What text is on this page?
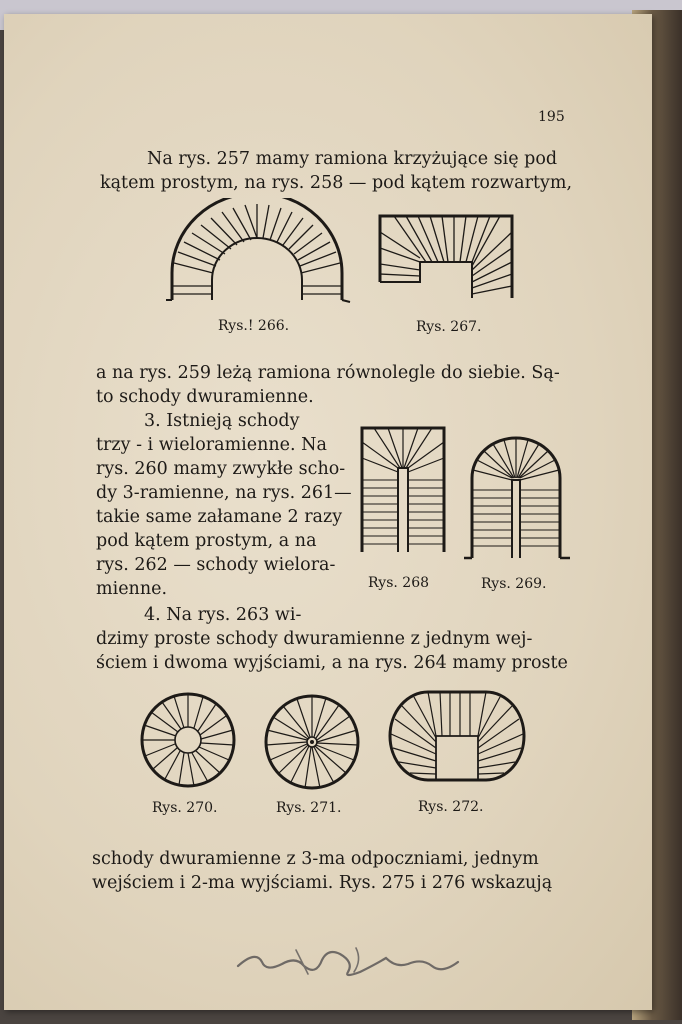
195
Na rys. 257 mamy ramiona krzyżujące się pod
kątem prostym, na rys. 258 — pod kątem rozwartym,
Rys.! 266.	Rys. 267.
a na rys. 259 leżą ramiona równolegle do siebie. Są-
to schody dwuramienne.
3. Istnieją schody
trzy - i wieloramienne. Na
rys. 260 mamy zwykłe scho-
dy 3-ramienne, na rys. 261—
takie same załamane 2 razy
pod kątem prostym, a na
rys. 262 — schody wielora-
mienne.	Rys. 268	Rys. 269.
4. Na rys. 263 wi-
dzimy proste schody dwuramienne z jednym wej-
ściem i dwoma wyjściami, a na rys. 264 mamy proste
Rys. 270.	Rys. 271.	Rys. 272.
schody dwuramienne z 3-ma odpoczniami, jednym
wejściem i 2-ma wyjściami. Rys. 275 i 276 wskazują
